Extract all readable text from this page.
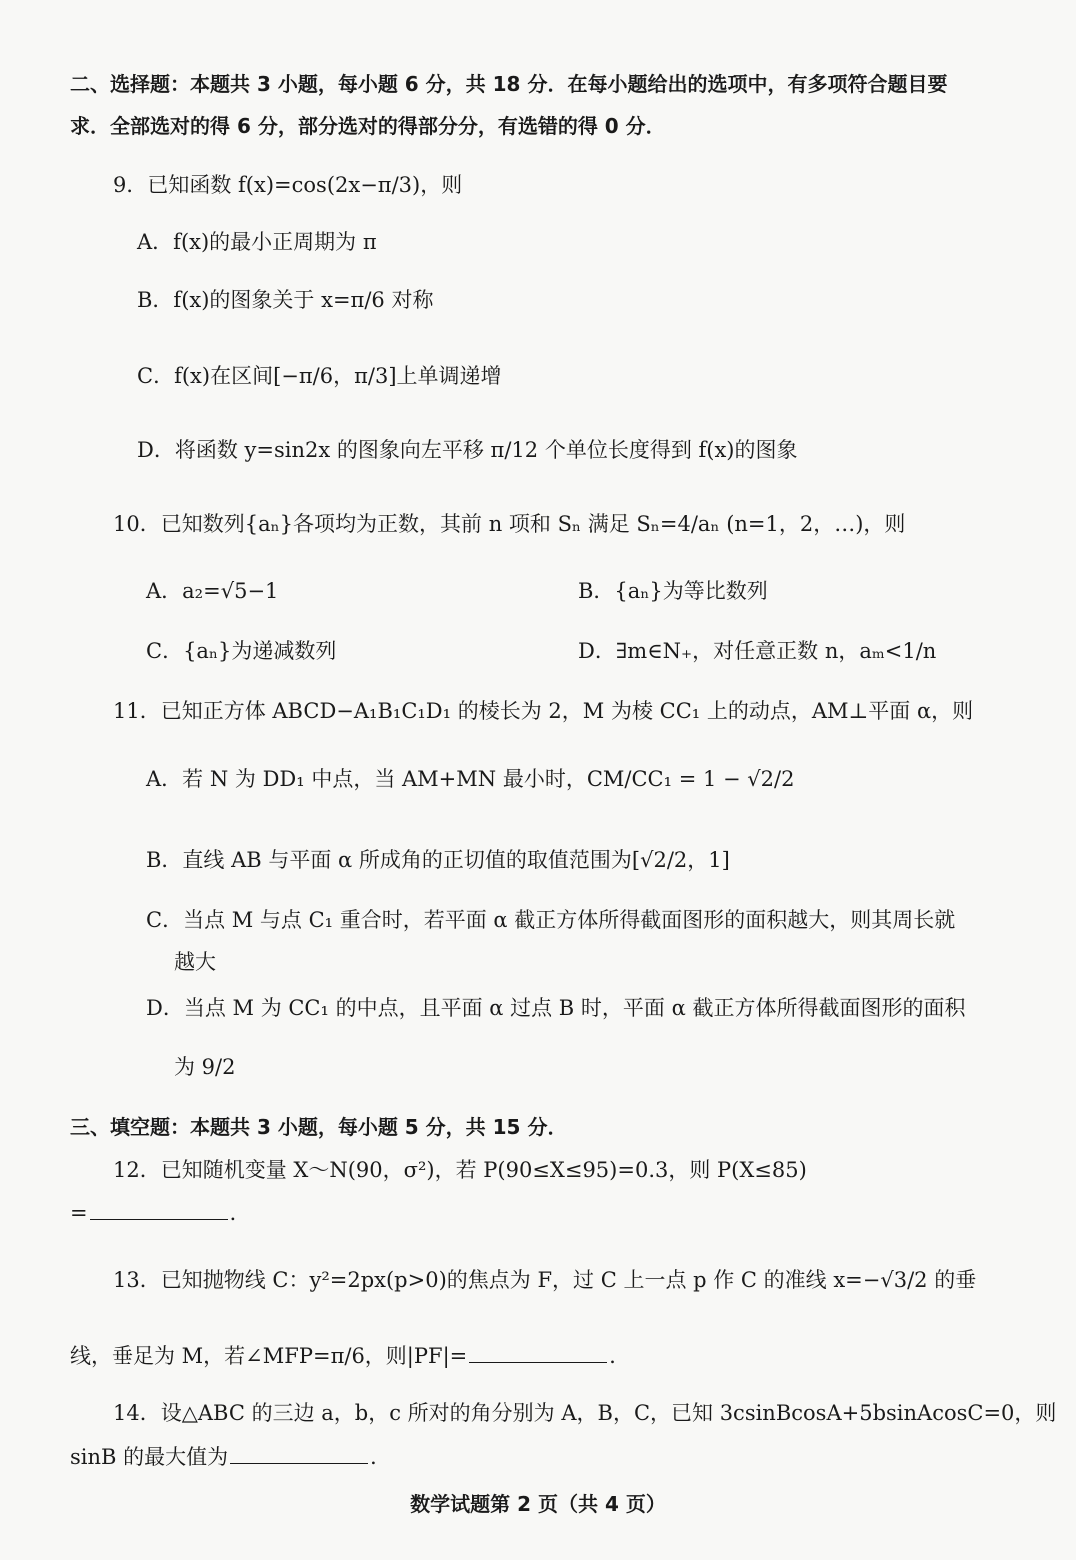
二、选择题：本题共 3 小题，每小题 6 分，共 18 分．在每小题给出的选项中，有多项符合题目要
求．全部选对的得 6 分，部分选对的得部分分，有选错的得 0 分．
9．已知函数 f(x)=cos(2x−π/3)，则
A．f(x)的最小正周期为 π
B．f(x)的图象关于 x=π/6 对称
C．f(x)在区间[−π/6，π/3]上单调递增
D．将函数 y=sin2x 的图象向左平移 π/12 个单位长度得到 f(x)的图象
10．已知数列{aₙ}各项均为正数，其前 n 项和 Sₙ 满足 Sₙ=4/aₙ (n=1，2，…)，则
A．a₂=√5−1	B．{aₙ}为等比数列
C．{aₙ}为递减数列	D．∃m∈N₊，对任意正数 n，aₘ<1/n
11．已知正方体 ABCD−A₁B₁C₁D₁ 的棱长为 2，M 为棱 CC₁ 上的动点，AM⊥平面 α，则
A．若 N 为 DD₁ 中点，当 AM+MN 最小时，CM/CC₁ = 1 − √2/2
B．直线 AB 与平面 α 所成角的正切值的取值范围为[√2/2，1]
C．当点 M 与点 C₁ 重合时，若平面 α 截正方体所得截面图形的面积越大，则其周长就
越大
D．当点 M 为 CC₁ 的中点，且平面 α 过点 B 时，平面 α 截正方体所得截面图形的面积
为 9/2
三、填空题：本题共 3 小题，每小题 5 分，共 15 分．
12．已知随机变量 X～N(90，σ²)，若 P(90≤X≤95)=0.3，则 P(X≤85)
=	．
13．已知抛物线 C：y²=2px(p>0)的焦点为 F，过 C 上一点 p 作 C 的准线 x=−√3/2 的垂
线，垂足为 M，若∠MFP=π/6，则|PF|=	．
14．设△ABC 的三边 a，b，c 所对的角分别为 A，B，C，已知 3csinBcosA+5bsinAcosC=0，则
sinB 的最大值为	．
数学试题第 2 页（共 4 页）
